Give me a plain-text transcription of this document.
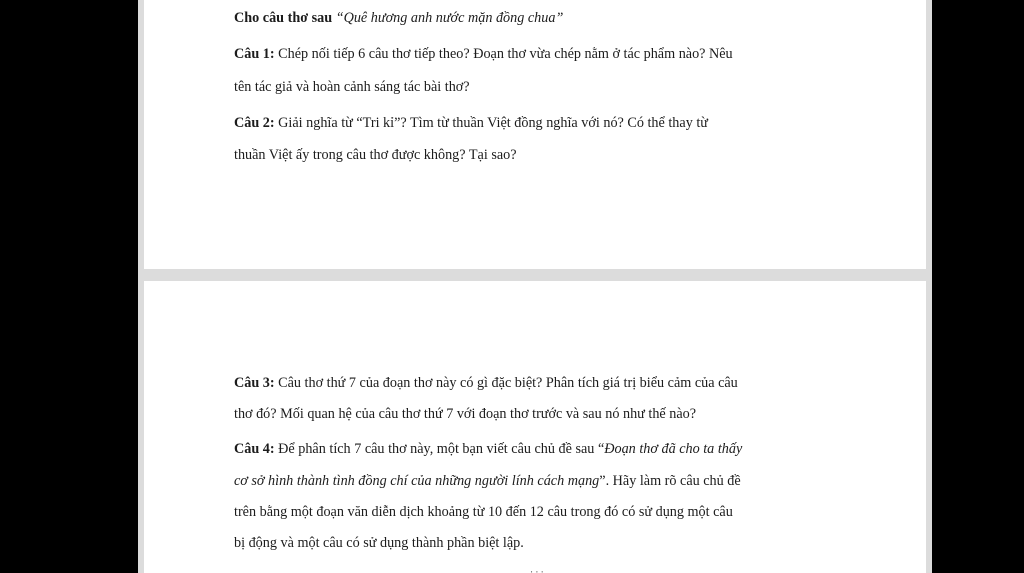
Cho câu thơ sau “Quê hương anh nước mặn đồng chua”
Câu 1: Chép nối tiếp 6 câu thơ tiếp theo? Đoạn thơ vừa chép nằm ở tác phẩm nào? Nêu
tên tác giả và hoàn cảnh sáng tác bài thơ?
Câu 2: Giải nghĩa từ “Tri kỉ”? Tìm từ thuần Việt đồng nghĩa với nó? Có thể thay từ
thuần Việt ấy trong câu thơ được không? Tại sao?
Câu 3: Câu thơ thứ 7 của đoạn thơ này có gì đặc biệt? Phân tích giá trị biểu cảm của câu
thơ đó? Mối quan hệ của câu thơ thứ 7 với đoạn thơ trước và sau nó như thế nào?
Câu 4: Để phân tích 7 câu thơ này, một bạn viết câu chủ đề sau “Đoạn thơ đã cho ta thấy
cơ sở hình thành tình đồng chí của những người lính cách mạng”. Hãy làm rõ câu chủ đề
trên bằng một đoạn văn diễn dịch khoảng từ 10 đến 12 câu trong đó có sử dụng một câu
bị động và một câu có sử dụng thành phần biệt lập.
⋅ ⋅ ⋅
